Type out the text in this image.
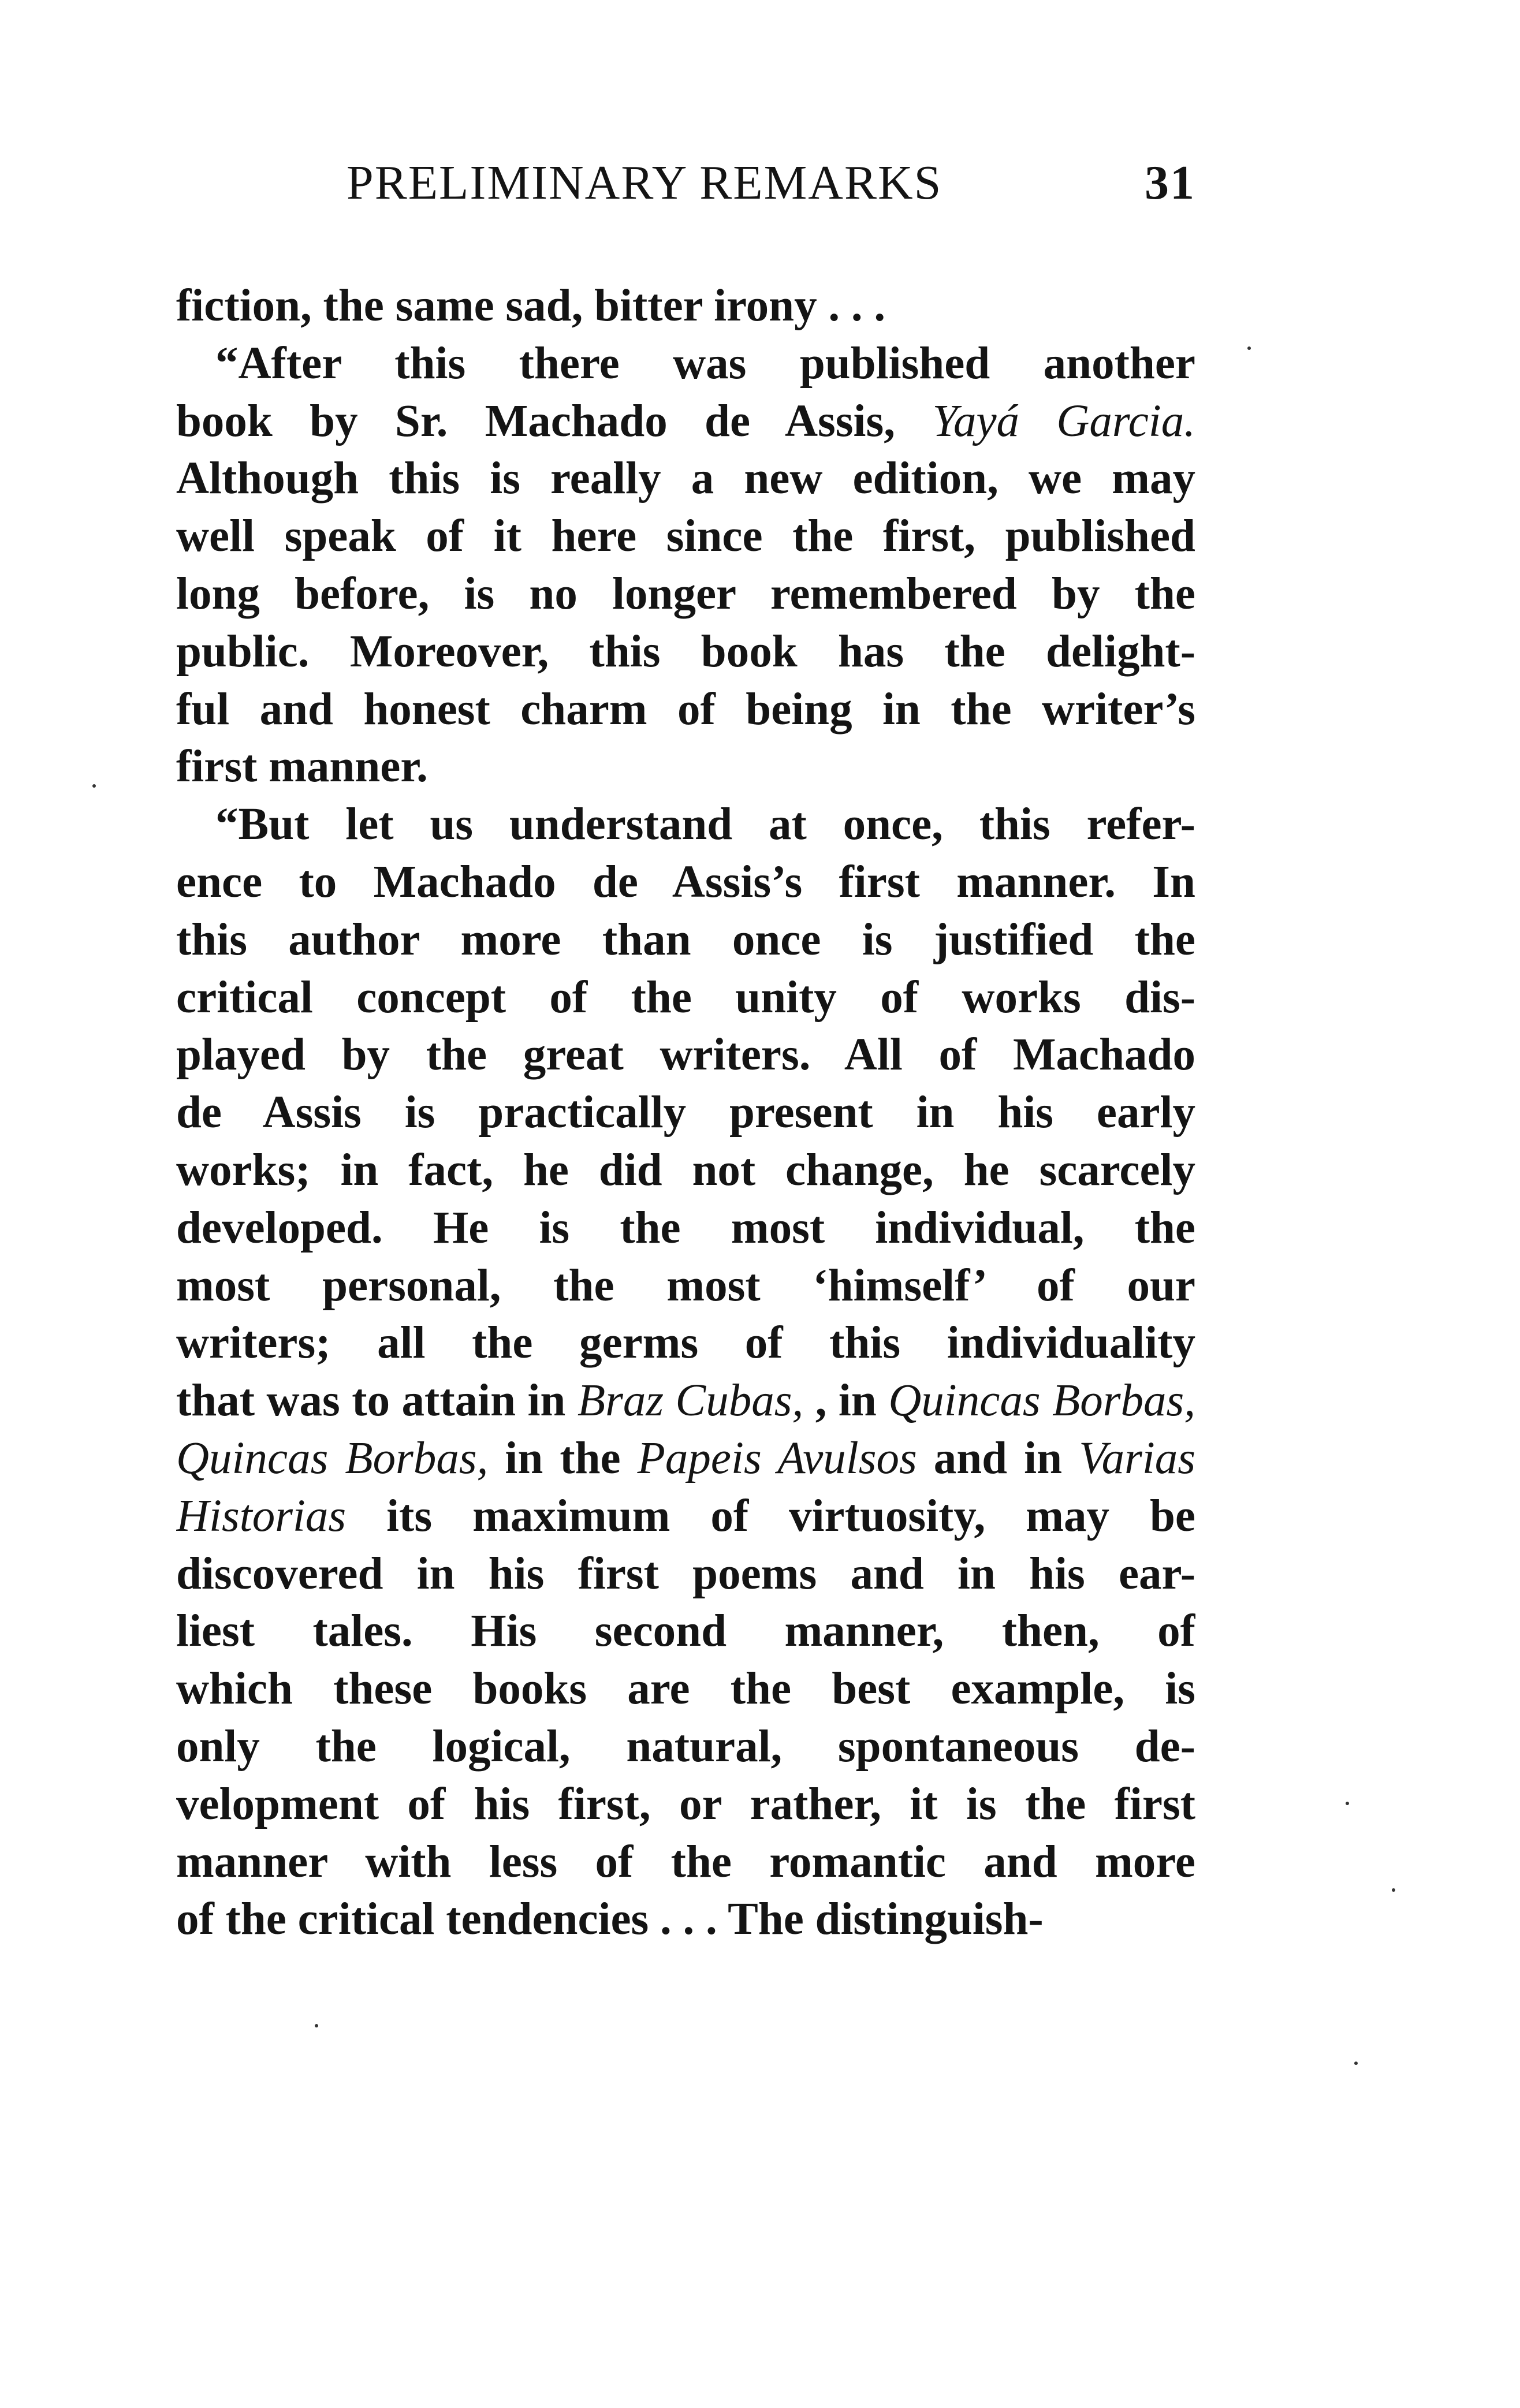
PRELIMINARY REMARKS	31
fiction, the same sad, bitter irony . . .
“After this there was published another
book by Sr. Machado de Assis, Yayá Garcia.
Although this is really a new edition, we may
well speak of it here since the first, published
long before, is no longer remembered by the
public. Moreover, this book has the delight-
ful and honest charm of being in the writer’s
first manner.
“But let us understand at once, this refer-
ence to Machado de Assis’s first manner. In
this author more than once is justified the
critical concept of the unity of works dis-
played by the great writers. All of Machado
de Assis is practically present in his early
works; in fact, he did not change, he scarcely
developed. He is the most individual, the
most personal, the most ‘himself’ of our
writers; all the germs of this individuality
that was to attain in Braz Cubas, , in Quincas Borbas,
Quincas Borbas, in the Papeis Avulsos and in Varias
Historias its maximum of virtuosity, may be
discovered in his first poems and in his ear-
liest tales. His second manner, then, of
which these books are the best example, is
only the logical, natural, spontaneous de-
velopment of his first, or rather, it is the first
manner with less of the romantic and more
of the critical tendencies . . . The distinguish-
